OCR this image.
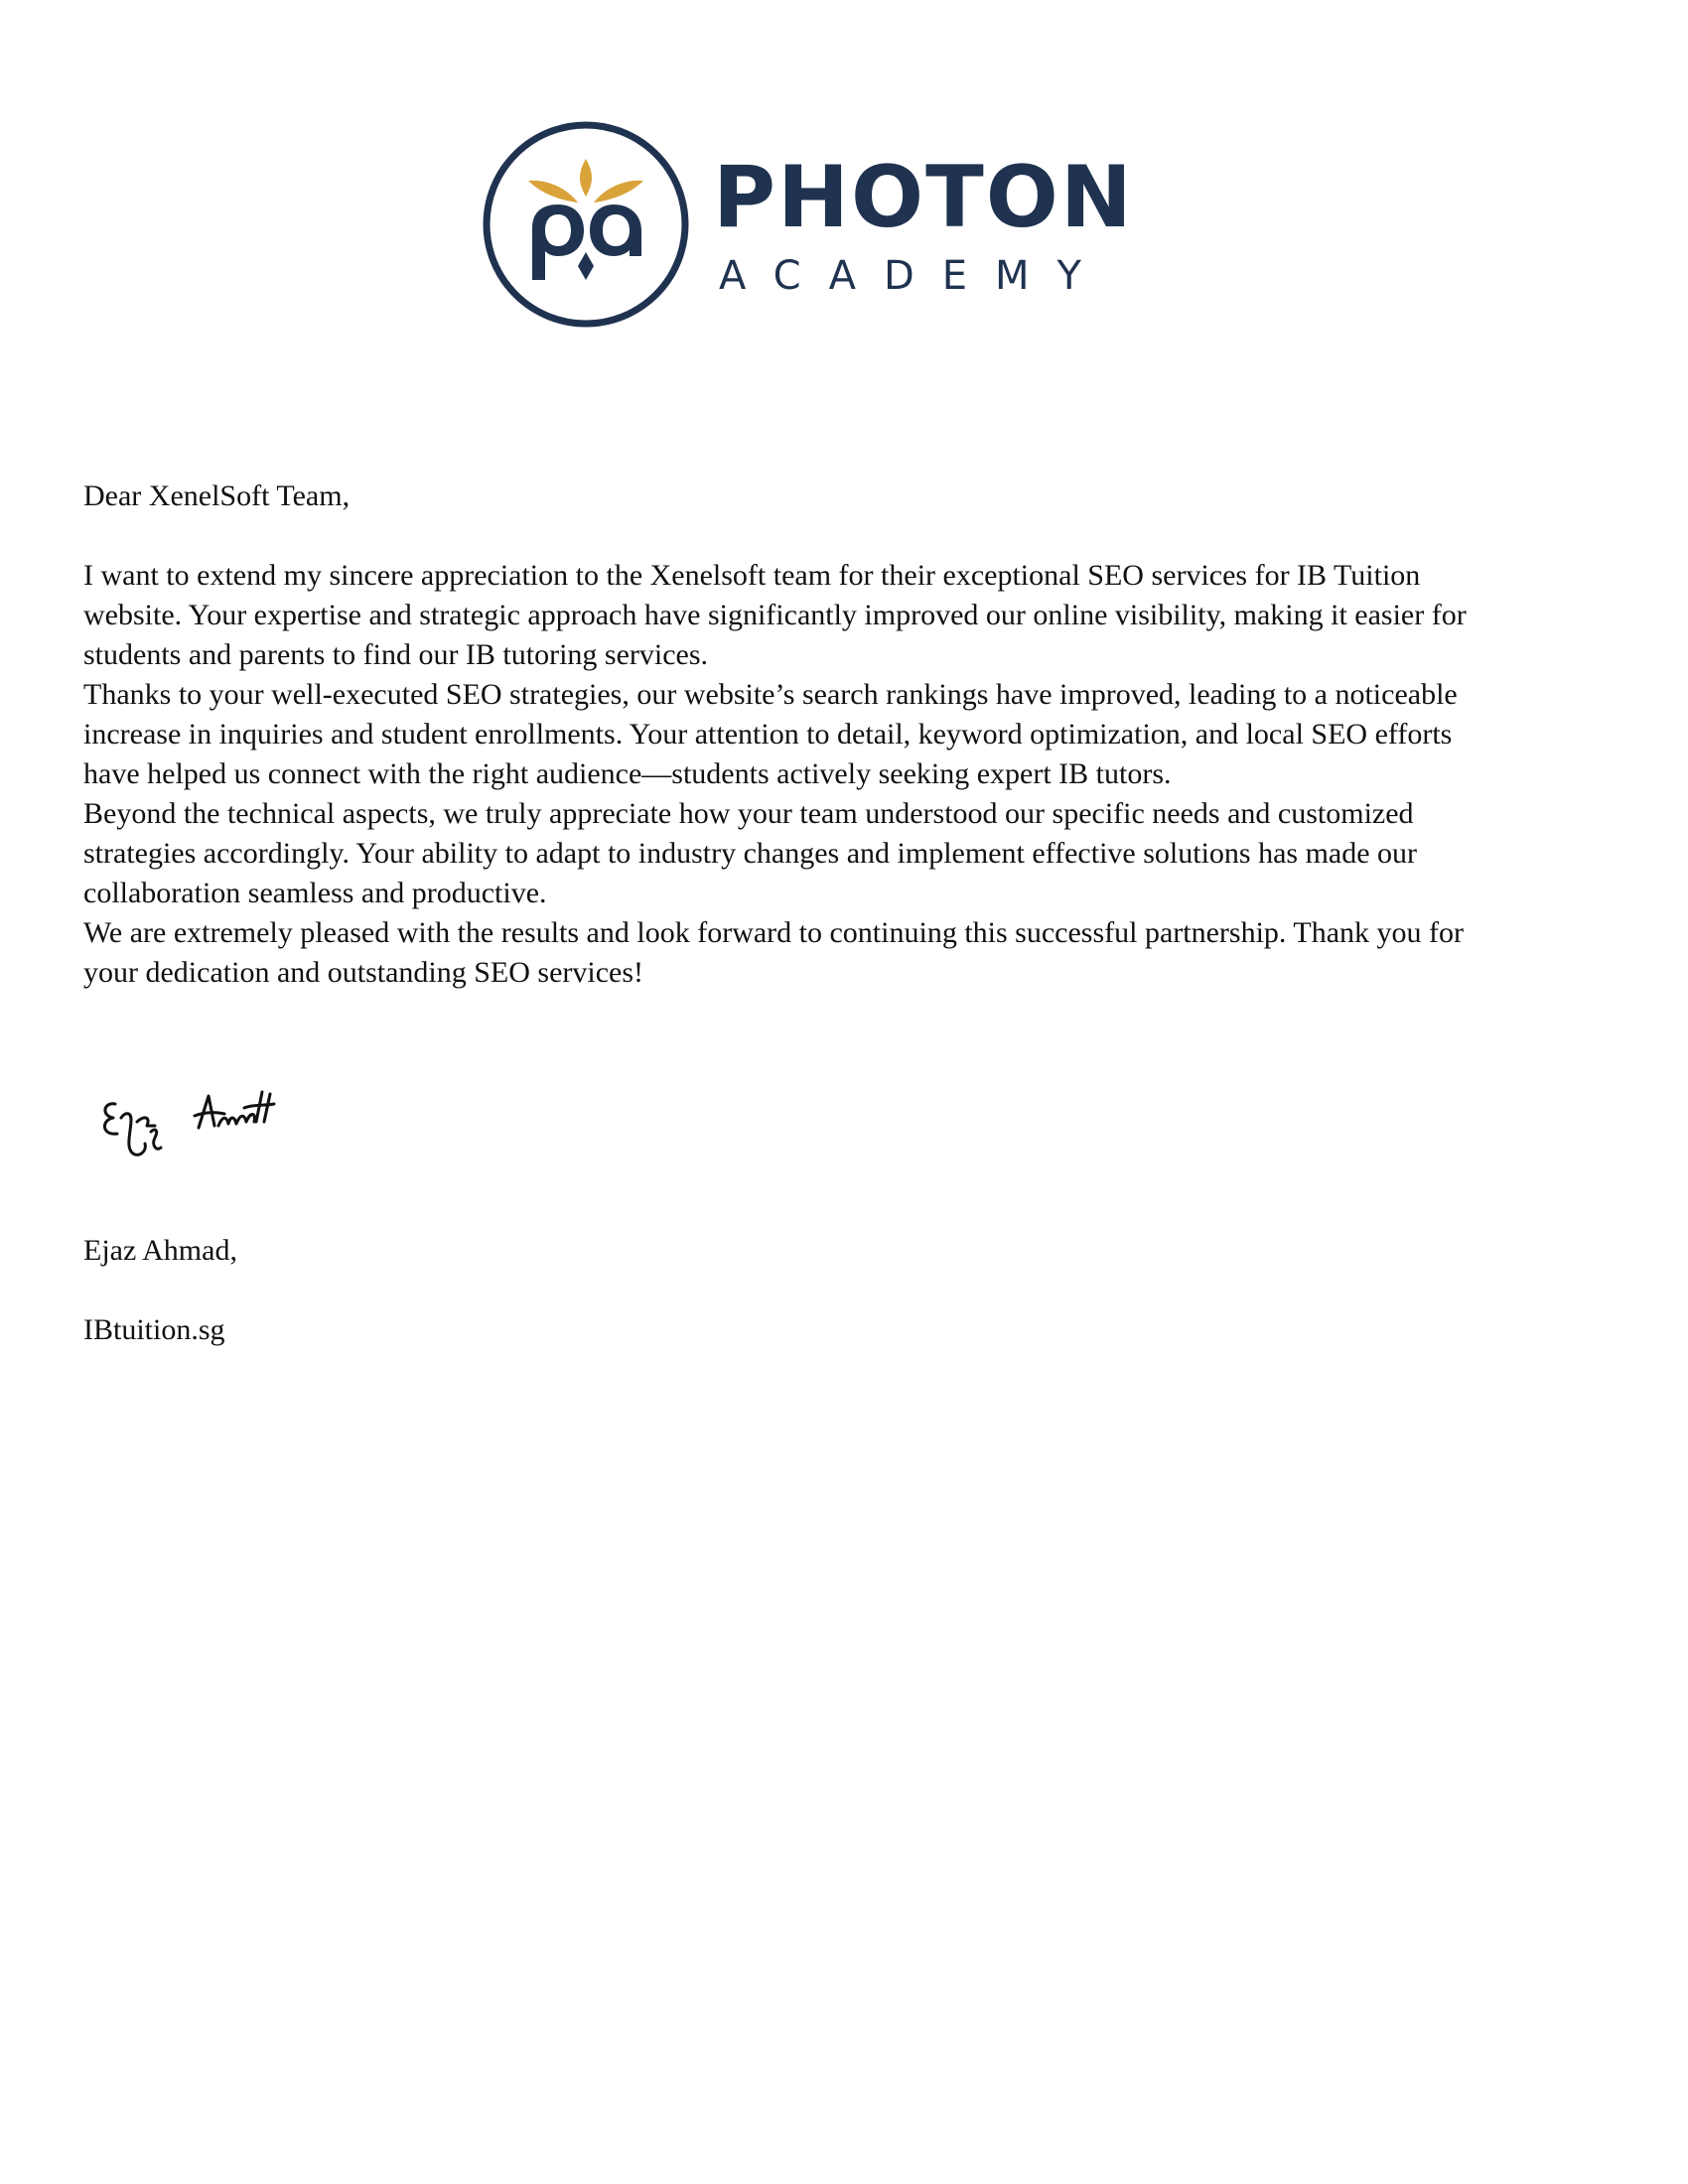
PHOTON
ACADEMY

Dear XenelSoft Team,

I want to extend my sincere appreciation to the Xenelsoft team for their exceptional SEO services for IB Tuition website. Your expertise and strategic approach have significantly improved our online visibility, making it easier for students and parents to find our IB tutoring services.

Thanks to your well-executed SEO strategies, our website’s search rankings have improved, leading to a noticeable increase in inquiries and student enrollments. Your attention to detail, keyword optimization, and local SEO efforts have helped us connect with the right audience—students actively seeking expert IB tutors.

Beyond the technical aspects, we truly appreciate how your team understood our specific needs and customized strategies accordingly. Your ability to adapt to industry changes and implement effective solutions has made our collaboration seamless and productive.

We are extremely pleased with the results and look forward to continuing this successful partnership. Thank you for your dedication and outstanding SEO services!

Ejaz Ahmad,

IBtuition.sg
